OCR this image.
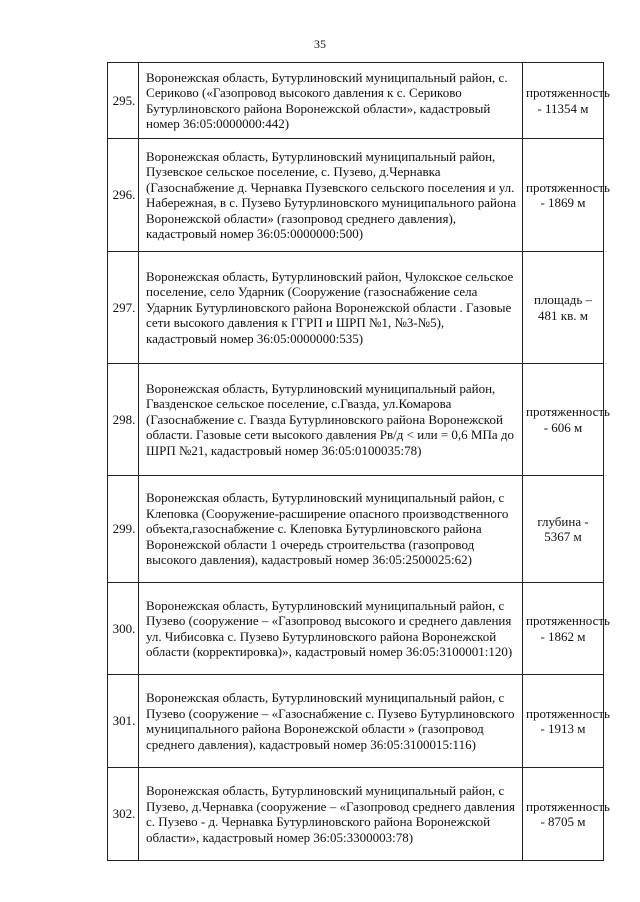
35
295.	Воронежская область, Бутурлиновский муниципальный район, с. Сериково («Газопровод высокого давления к с. Сериково Бутурлиновского района Воронежской области», кадастровый номер 36:05:0000000:442)	протяженность - 11354 м
296.	Воронежская область, Бутурлиновский муниципальный район, Пузевское сельское поселение, с. Пузево, д.Чернавка (Газоснабжение д. Чернавка Пузевского сельского поселения и ул. Набережная, в с. Пузево Бутурлиновского муниципального района Воронежской области» (газопровод среднего давления), кадастровый номер 36:05:0000000:500)	протяженность - 1869 м
297.	Воронежская область, Бутурлиновский район, Чулокское сельское поселение, село Ударник (Сооружение (газоснабжение села Ударник Бутурлиновского района Воронежской области . Газовые сети высокого давления к ГГРП и ШРП №1, №3-№5), кадастровый номер 36:05:0000000:535)	площадь – 481 кв. м
298.	Воронежская область, Бутурлиновский муниципальный район, Гвазденское сельское поселение, с.Гвазда, ул.Комарова (Газоснабжение с. Гвазда Бутурлиновского района Воронежской области. Газовые сети высокого давления Рв/д < или = 0,6 МПа до ШРП №21, кадастровый номер 36:05:0100035:78)	протяженность - 606 м
299.	Воронежская область, Бутурлиновский муниципальный район, с Клеповка (Сооружение-расширение опасного производственного объекта,газоснабжение с. Клеповка Бутурлиновского района Воронежской области 1 очередь строительства (газопровод высокого давления), кадастровый номер 36:05:2500025:62)	глубина - 5367 м
300.	Воронежская область, Бутурлиновский муниципальный район, с Пузево (сооружение – «Газопровод высокого и среднего давления ул. Чибисовка с. Пузево Бутурлиновского района Воронежской области (корректировка)», кадастровый номер 36:05:3100001:120)	протяженность - 1862 м
301.	Воронежская область, Бутурлиновский муниципальный район, с Пузево (сооружение – «Газоснабжение с. Пузево Бутурлиновского муниципального района Воронежской области » (газопровод среднего давления), кадастровый номер 36:05:3100015:116)	протяженность - 1913 м
302.	Воронежская область, Бутурлиновский муниципальный район, с Пузево, д.Чернавка (сооружение – «Газопровод среднего давления с. Пузево - д. Чернавка Бутурлиновского района Воронежской области», кадастровый номер 36:05:3300003:78)	протяженность - 8705 м
